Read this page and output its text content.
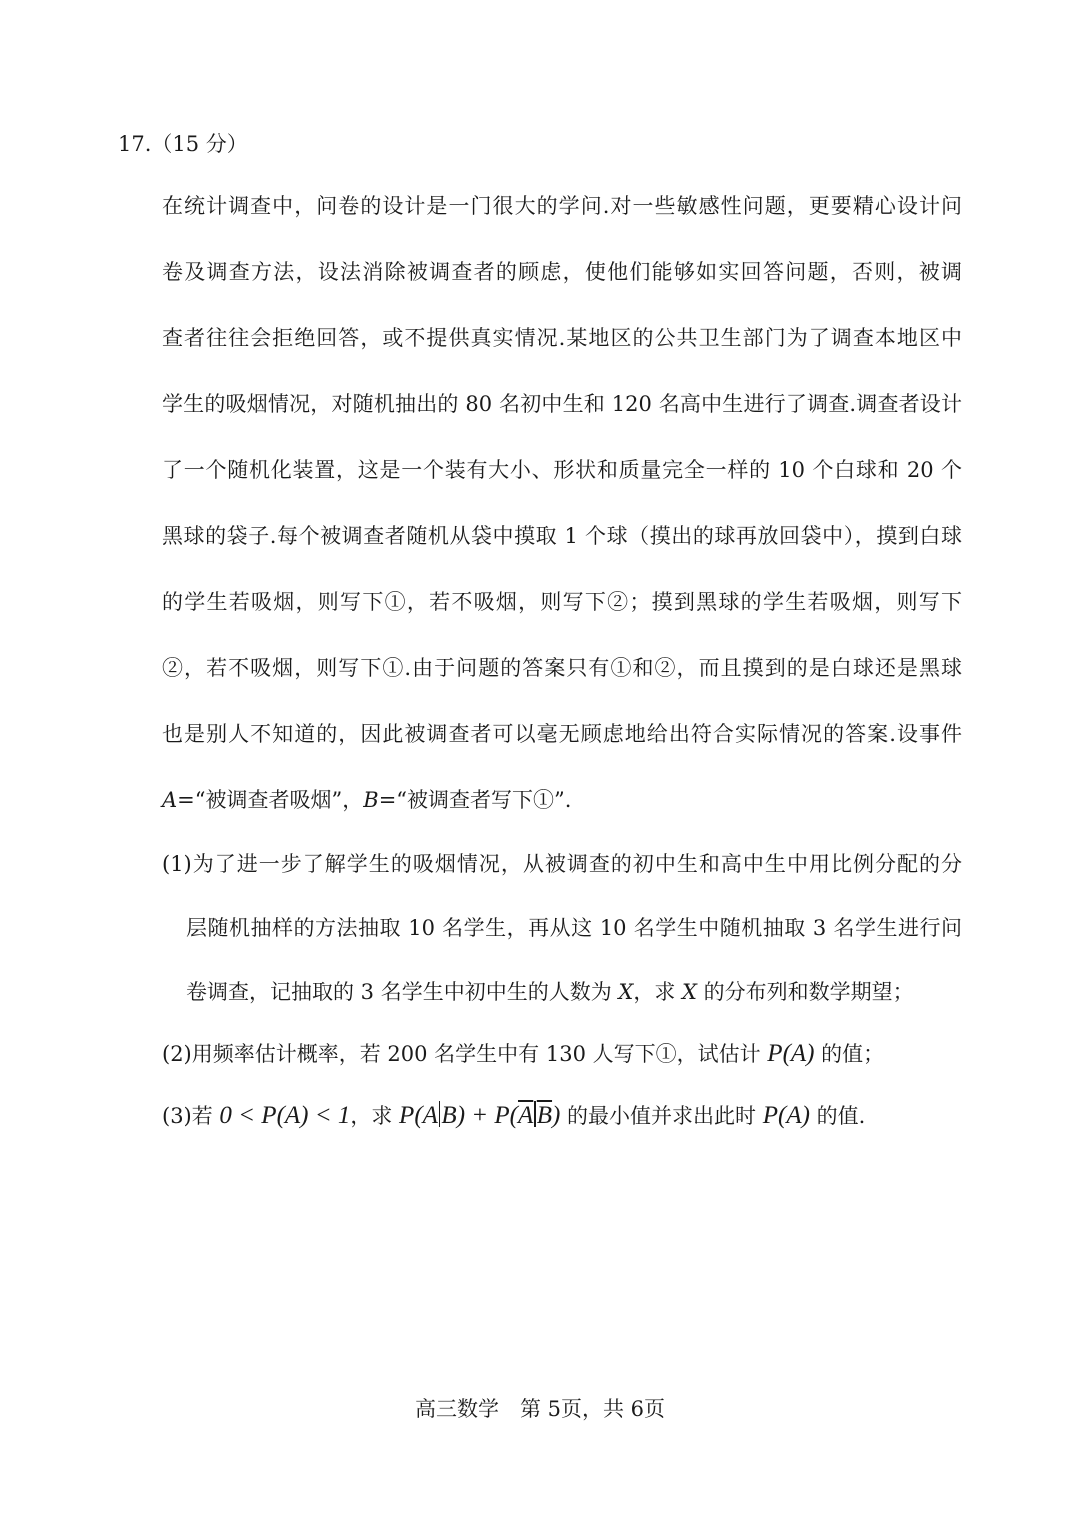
17.（15 分）
在统计调查中，问卷的设计是一门很大的学问.对一些敏感性问题，更要精心设计问
卷及调查方法，设法消除被调查者的顾虑，使他们能够如实回答问题，否则，被调
查者往往会拒绝回答，或不提供真实情况.某地区的公共卫生部门为了调查本地区中
学生的吸烟情况，对随机抽出的 80 名初中生和 120 名高中生进行了调查.调查者设计
了一个随机化装置，这是一个装有大小、形状和质量完全一样的 10 个白球和 20 个
黑球的袋子.每个被调查者随机从袋中摸取 1 个球（摸出的球再放回袋中），摸到白球
的学生若吸烟，则写下①，若不吸烟，则写下②；摸到黑球的学生若吸烟，则写下
②，若不吸烟，则写下①.由于问题的答案只有①和②，而且摸到的是白球还是黑球
也是别人不知道的，因此被调查者可以毫无顾虑地给出符合实际情况的答案.设事件
A=“被调查者吸烟”，B=“被调查者写下①”.
(1)为了进一步了解学生的吸烟情况，从被调查的初中生和高中生中用比例分配的分
层随机抽样的方法抽取 10 名学生，再从这 10 名学生中随机抽取 3 名学生进行问
卷调查，记抽取的 3 名学生中初中生的人数为 X，求 X 的分布列和数学期望；
(2)用频率估计概率，若 200 名学生中有 130 人写下①，试估计 P(A) 的值；
(3)若 0 < P(A) < 1，求 P(A $B) + P(\overline{A}$ $\overline{B}$) 的最小值并求出此时 P(A) 的值.
高三数学　第 5页，共 6页
